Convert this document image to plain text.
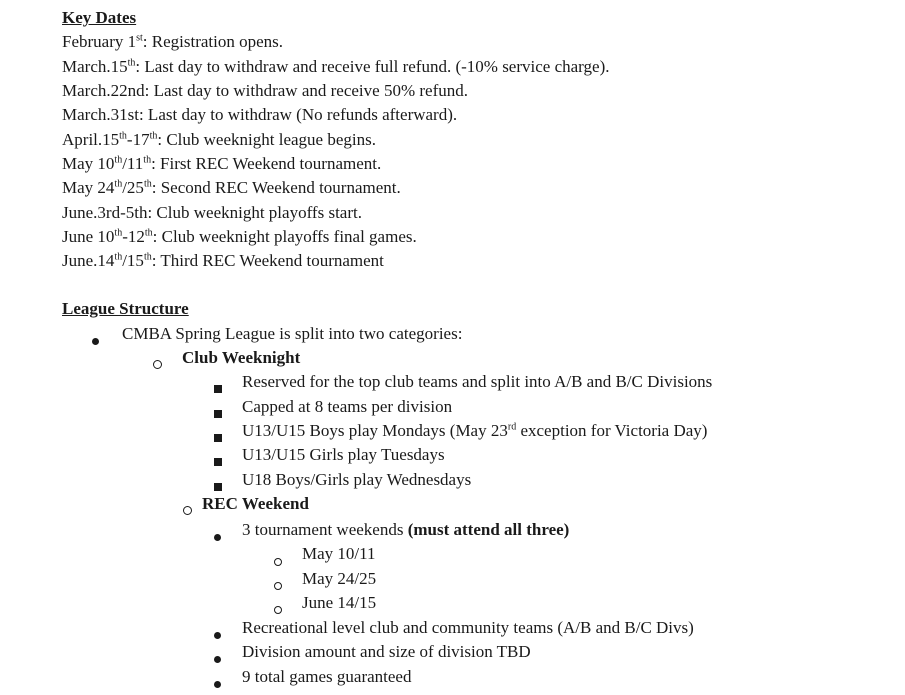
Key Dates
February 1st: Registration opens.
March.15th: Last day to withdraw and receive full refund. (-10% service charge).
March.22nd: Last day to withdraw and receive 50% refund.
March.31st: Last day to withdraw (No refunds afterward).
April.15th-17th: Club weeknight league begins.
May 10th/11th: First REC Weekend tournament.
May 24th/25th: Second REC Weekend tournament.
June.3rd-5th: Club weeknight playoffs start.
June 10th-12th: Club weeknight playoffs final games.
June.14th/15th: Third REC Weekend tournament
League Structure
CMBA Spring League is split into two categories:
Club Weeknight
Reserved for the top club teams and split into A/B and B/C Divisions
Capped at 8 teams per division
U13/U15 Boys play Mondays (May 23rd exception for Victoria Day)
U13/U15 Girls play Tuesdays
U18 Boys/Girls play Wednesdays
REC Weekend
3 tournament weekends (must attend all three)
May 10/11
May 24/25
June 14/15
Recreational level club and community teams (A/B and B/C Divs)
Division amount and size of division TBD
9 total games guaranteed
